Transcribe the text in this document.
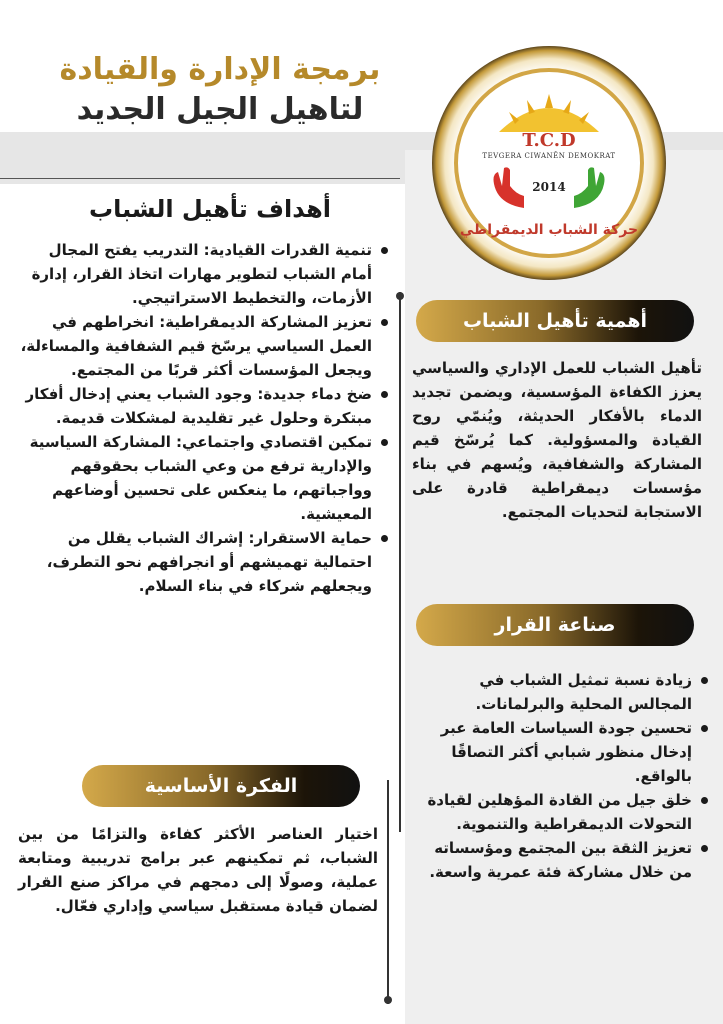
برمجة الإدارة والقيادة
لتاهيل الجيل الجديد
T.C.D
TEVGERA CIWANÊN DEMOKRAT
2014
حركة الشباب الديمقراطي
أهداف تأهيل الشباب
تنمية القدرات القيادية: التدريب يفتح المجال أمام الشباب لتطوير مهارات اتخاذ القرار، إدارة الأزمات، والتخطيط الاستراتيجي.
تعزيز المشاركة الديمقراطية: انخراطهم في العمل السياسي يرسّخ قيم الشفافية والمساءلة، ويجعل المؤسسات أكثر قربًا من المجتمع.
ضخ دماء جديدة: وجود الشباب يعني إدخال أفكار مبتكرة وحلول غير تقليدية لمشكلات قديمة.
تمكين اقتصادي واجتماعي: المشاركة السياسية والإدارية ترفع من وعي الشباب بحقوقهم وواجباتهم، ما ينعكس على تحسين أوضاعهم المعيشية.
حماية الاستقرار: إشراك الشباب يقلل من احتمالية تهميشهم أو انجرافهم نحو التطرف، ويجعلهم شركاء في بناء السلام.
أهمية تأهيل الشباب
تأهيل الشباب للعمل الإداري والسياسي يعزز الكفاءة المؤسسية، ويضمن تجديد الدماء بالأفكار الحديثة، ويُنمّي روح القيادة والمسؤولية. كما يُرسّخ قيم المشاركة والشفافية، ويُسهم في بناء مؤسسات ديمقراطية قادرة على الاستجابة لتحديات المجتمع.
صناعة القرار
زيادة نسبة تمثيل الشباب في المجالس المحلية والبرلمانات.
تحسين جودة السياسات العامة عبر إدخال منظور شبابي أكثر التصاقًا بالواقع.
خلق جيل من القادة المؤهلين لقيادة التحولات الديمقراطية والتنموية.
تعزيز الثقة بين المجتمع ومؤسساته من خلال مشاركة فئة عمرية واسعة.
الفكرة الأساسية
اختيار العناصر الأكثر كفاءة والتزامًا من بين الشباب، ثم تمكينهم عبر برامج تدريبية ومتابعة عملية، وصولًا إلى دمجهم في مراكز صنع القرار لضمان قيادة مستقبل سياسي وإداري فعّال.
